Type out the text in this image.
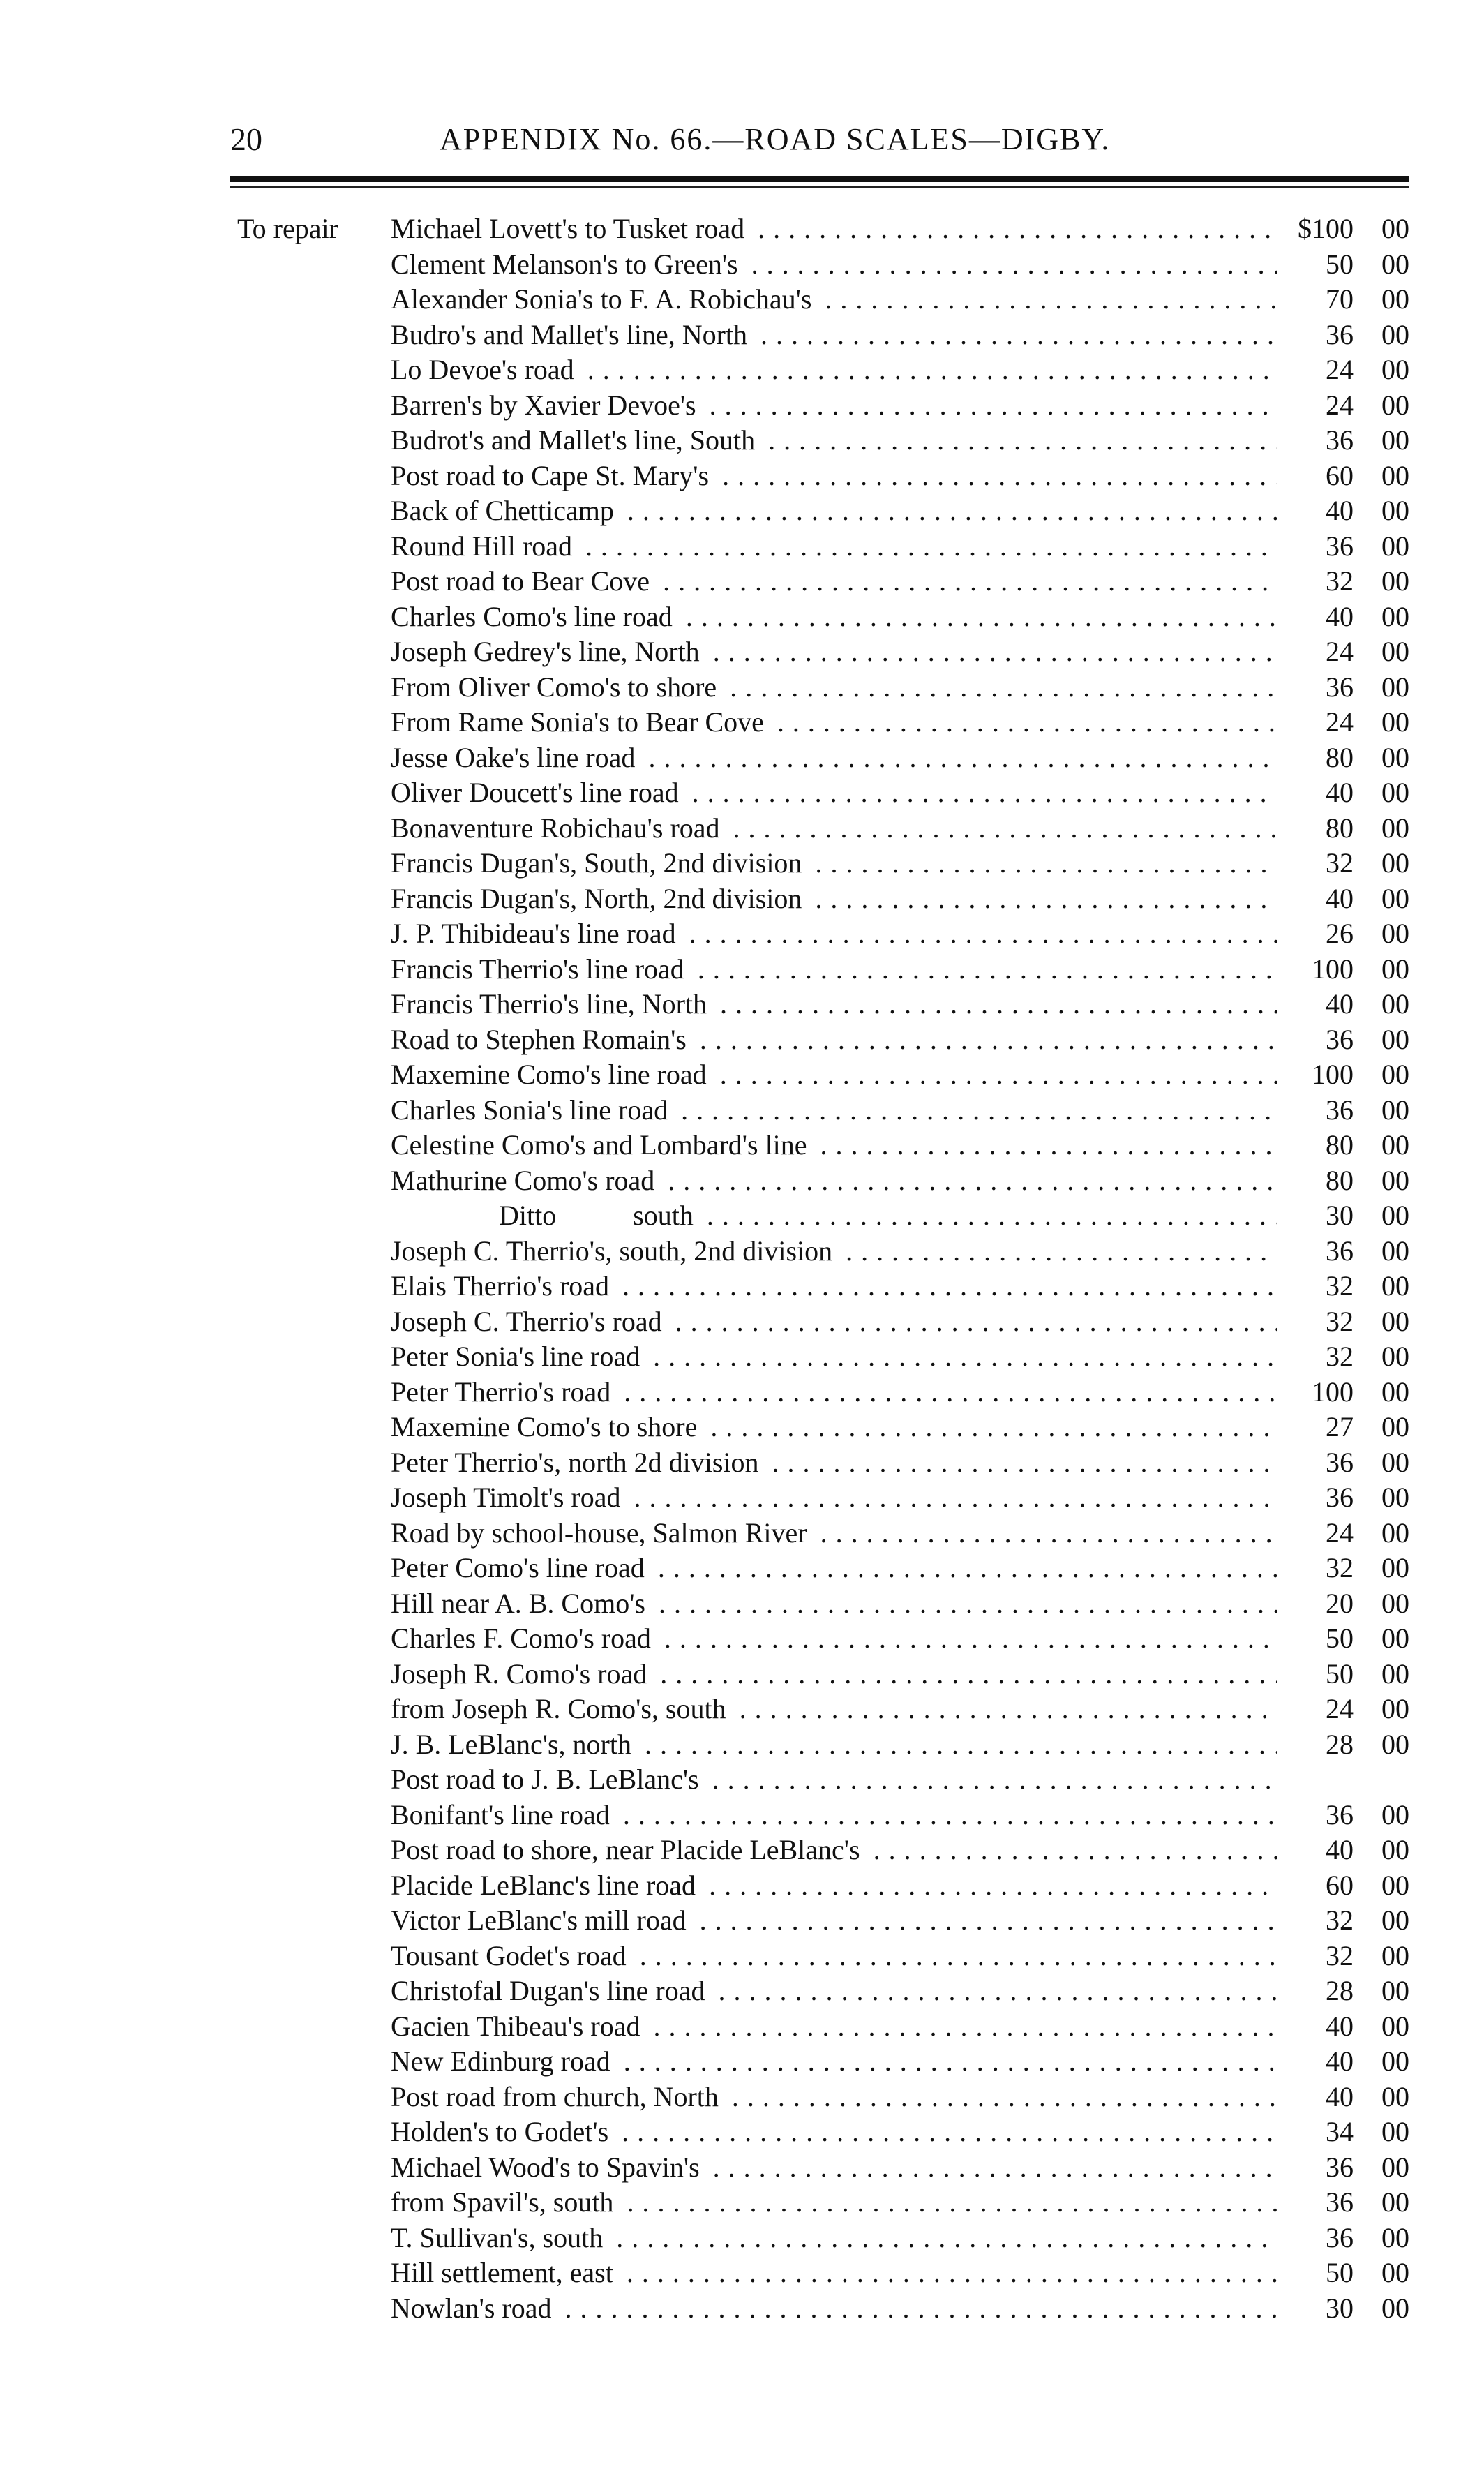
20	APPENDIX No. 66.—ROAD SCALES—DIGBY.
To repair Michael Lovett's to Tusket road . . .	$100 00
Clement Melanson's to Green's . . .	50 00
Alexander Sonia's to F. A. Robichau's . . .	70 00
Budro's and Mallet's line, North . . .	36 00
Lo Devoe's road . . .	24 00
Barren's by Xavier Devoe's . . .	24 00
Budrot's and Mallet's line, South . . .	36 00
Post road to Cape St. Mary's . . .	60 00
Back of Chetticamp . . .	40 00
Round Hill road . . .	36 00
Post road to Bear Cove . . .	32 00
Charles Como's line road . . .	40 00
Joseph Gedrey's line, North . . .	24 00
From Oliver Como's to shore . . .	36 00
From Rame Sonia's to Bear Cove . . .	24 00
Jesse Oake's line road . . .	80 00
Oliver Doucett's line road . . .	40 00
Bonaventure Robichau's road . . .	80 00
Francis Dugan's, South, 2nd division . . .	32 00
Francis Dugan's, North, 2nd division . . .	40 00
J. P. Thibideau's line road . . .	26 00
Francis Therrio's line road . . .	100 00
Francis Therrio's line, North . . .	40 00
Road to Stephen Romain's . . .	36 00
Maxemine Como's line road . . .	100 00
Charles Sonia's line road . . .	36 00
Celestine Como's and Lombard's line . . .	80 00
Mathurine Como's road . . .	80 00
Ditto south . . .	30 00
Joseph C. Therrio's, south, 2nd division . . .	36 00
Elais Therrio's road . . .	32 00
Joseph C. Therrio's road . . .	32 00
Peter Sonia's line road . . .	32 00
Peter Therrio's road . . .	100 00
Maxemine Como's to shore . . .	27 00
Peter Therrio's, north 2d division . . .	36 00
Joseph Timolt's road . . .	36 00
Road by school-house, Salmon River . . .	24 00
Peter Como's line road . . .	32 00
Hill near A. B. Como's . . .	20 00
Charles F. Como's road . . .	50 00
Joseph R. Como's road . . .	50 00
from Joseph R. Como's, south . . .	24 00
J. B. LeBlanc's, north . . .	28 00
Post road to J. B. LeBlanc's . . .

Bonifant's line road . . .	36 00
Post road to shore, near Placide LeBlanc's . . .	40 00
Placide LeBlanc's line road . . .	60 00
Victor LeBlanc's mill road . . .	32 00
Tousant Godet's road . . .	32 00
Christofal Dugan's line road . . .	28 00
Gacien Thibeau's road . . .	40 00
New Edinburg road . . .	40 00
Post road from church, North . . .	40 00
Holden's to Godet's . . .	34 00
Michael Wood's to Spavin's . . .	36 00
from Spavil's, south . . .	36 00
T. Sullivan's, south . . .	36 00
Hill settlement, east . . .	50 00
Nowlan's road . . .	30 00
